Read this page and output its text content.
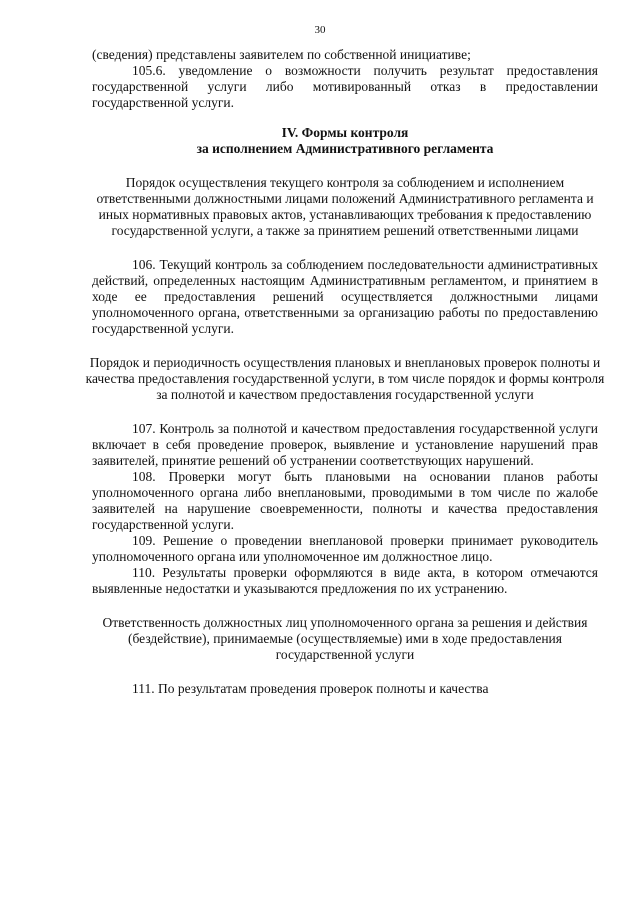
30

(сведения) представлены заявителем по собственной инициативе;

105.6. уведомление о возможности получить результат предоставления государственной услуги либо мотивированный отказ в предоставлении государственной услуги.

IV. Формы контроля
за исполнением Административного регламента

Порядок осуществления текущего контроля за соблюдением и исполнением ответственными должностными лицами положений Административного регламента и иных нормативных правовых актов, устанавливающих требования к предоставлению государственной услуги, а также за принятием решений ответственными лицами

106. Текущий контроль за соблюдением последовательности административных действий, определенных настоящим Административным регламентом, и принятием в ходе ее предоставления решений осуществляется должностными лицами уполномоченного органа, ответственными за организацию работы по предоставлению государственной услуги.

Порядок и периодичность осуществления плановых и внеплановых проверок полноты и качества предоставления государственной услуги, в том числе порядок и формы контроля за полнотой и качеством предоставления государственной услуги

107. Контроль за полнотой и качеством предоставления государственной услуги включает в себя проведение проверок, выявление и установление нарушений прав заявителей, принятие решений об устранении соответствующих нарушений.

108. Проверки могут быть плановыми на основании планов работы уполномоченного органа либо внеплановыми, проводимыми в том числе по жалобе заявителей на нарушение своевременности, полноты и качества предоставления государственной услуги.

109. Решение о проведении внеплановой проверки принимает руководитель уполномоченного органа или уполномоченное им должностное лицо.

110. Результаты проверки оформляются в виде акта, в котором отмечаются выявленные недостатки и указываются предложения по их устранению.

Ответственность должностных лиц уполномоченного органа за решения и действия (бездействие), принимаемые (осуществляемые) ими в ходе предоставления государственной услуги

111. По результатам проведения проверок полноты и качества
